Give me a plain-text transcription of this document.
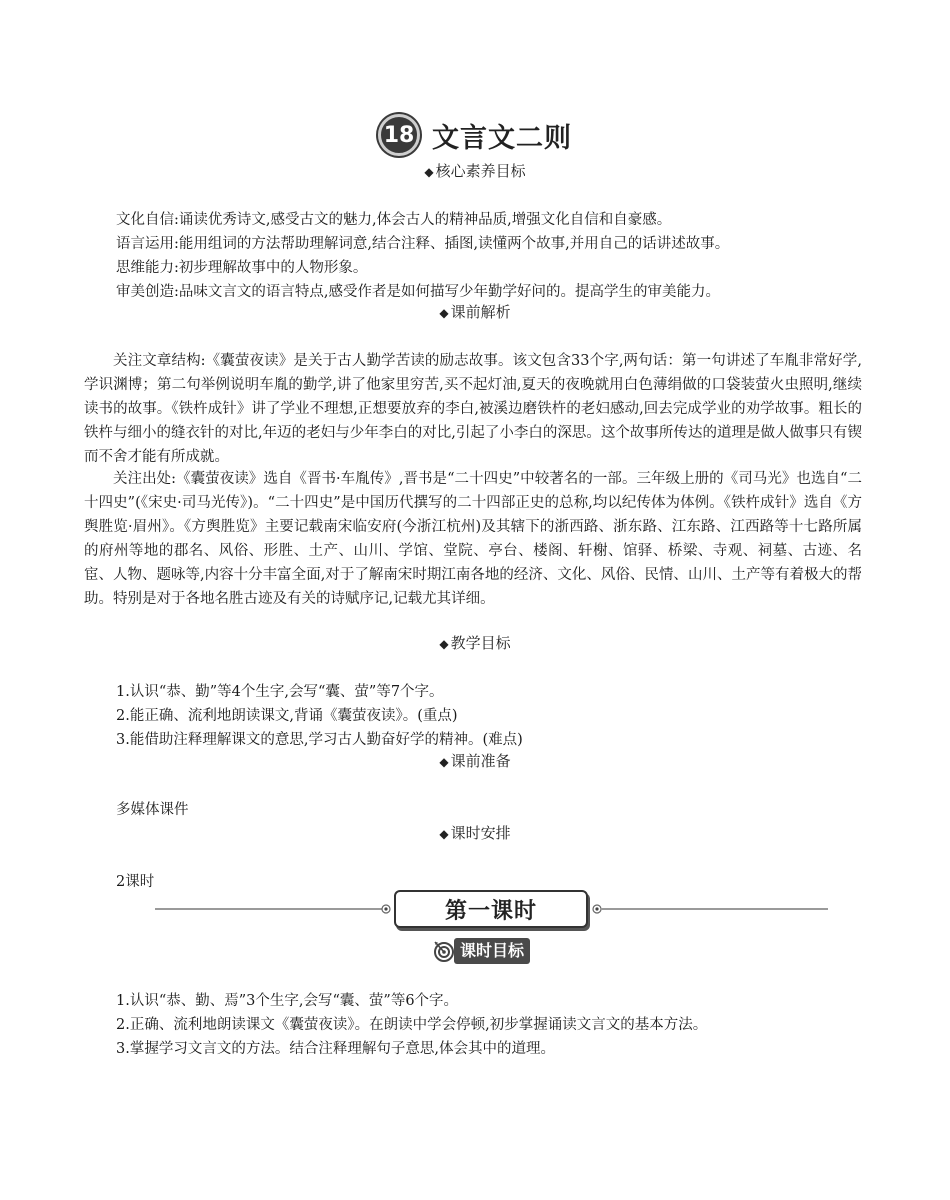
18 文言文二则
◆ 核心素养目标
文化自信:诵读优秀诗文,感受古文的魅力,体会古人的精神品质,增强文化自信和自豪感。
语言运用:能用组词的方法帮助理解词意,结合注释、插图,读懂两个故事,并用自己的话讲述故事。
思维能力:初步理解故事中的人物形象。
审美创造:品味文言文的语言特点,感受作者是如何描写少年勤学好问的。提高学生的审美能力。
◆ 课前解析

关注文章结构:《囊萤夜读》是关于古人勤学苦读的励志故事。该文包含33个字,两句话：第一句讲述了车胤非常好学,学识渊博；第二句举例说明车胤的勤学,讲了他家里穷苦,买不起灯油,夏天的夜晚就用白色薄绢做的口袋装萤火虫照明,继续读书的故事。《铁杵成针》讲了学业不理想,正想要放弃的李白,被溪边磨铁杵的老妇感动,回去完成学业的劝学故事。粗长的铁杵与细小的缝衣针的对比,年迈的老妇与少年李白的对比,引起了小李白的深思。这个故事所传达的道理是做人做事只有锲而不舍才能有所成就。

关注出处:《囊萤夜读》选自《晋书·车胤传》,晋书是“二十四史”中较著名的一部。三年级上册的《司马光》也选自“二十四史”(《宋史·司马光传》)。“二十四史”是中国历代撰写的二十四部正史的总称,均以纪传体为体例。《铁杵成针》选自《方舆胜览·眉州》。《方舆胜览》主要记载南宋临安府(今浙江杭州)及其辖下的浙西路、浙东路、江东路、江西路等十七路所属的府州等地的郡名、风俗、形胜、土产、山川、学馆、堂院、亭台、楼阁、轩榭、馆驿、桥梁、寺观、祠墓、古迹、名宦、人物、题咏等,内容十分丰富全面,对于了解南宋时期江南各地的经济、文化、风俗、民情、山川、土产等有着极大的帮助。特别是对于各地名胜古迹及有关的诗赋序记,记载尤其详细。

◆ 教学目标
1.认识“恭、勤”等4个生字,会写“囊、萤”等7个字。
2.能正确、流利地朗读课文,背诵《囊萤夜读》。(重点)
3.能借助注释理解课文的意思,学习古人勤奋好学的精神。(难点)
◆ 课前准备
多媒体课件
◆ 课时安排
2课时
第一课时
课时目标
1.认识“恭、勤、焉”3个生字,会写“囊、萤”等6个字。
2.正确、流利地朗读课文《囊萤夜读》。在朗读中学会停顿,初步掌握诵读文言文的基本方法。
3.掌握学习文言文的方法。结合注释理解句子意思,体会其中的道理。
